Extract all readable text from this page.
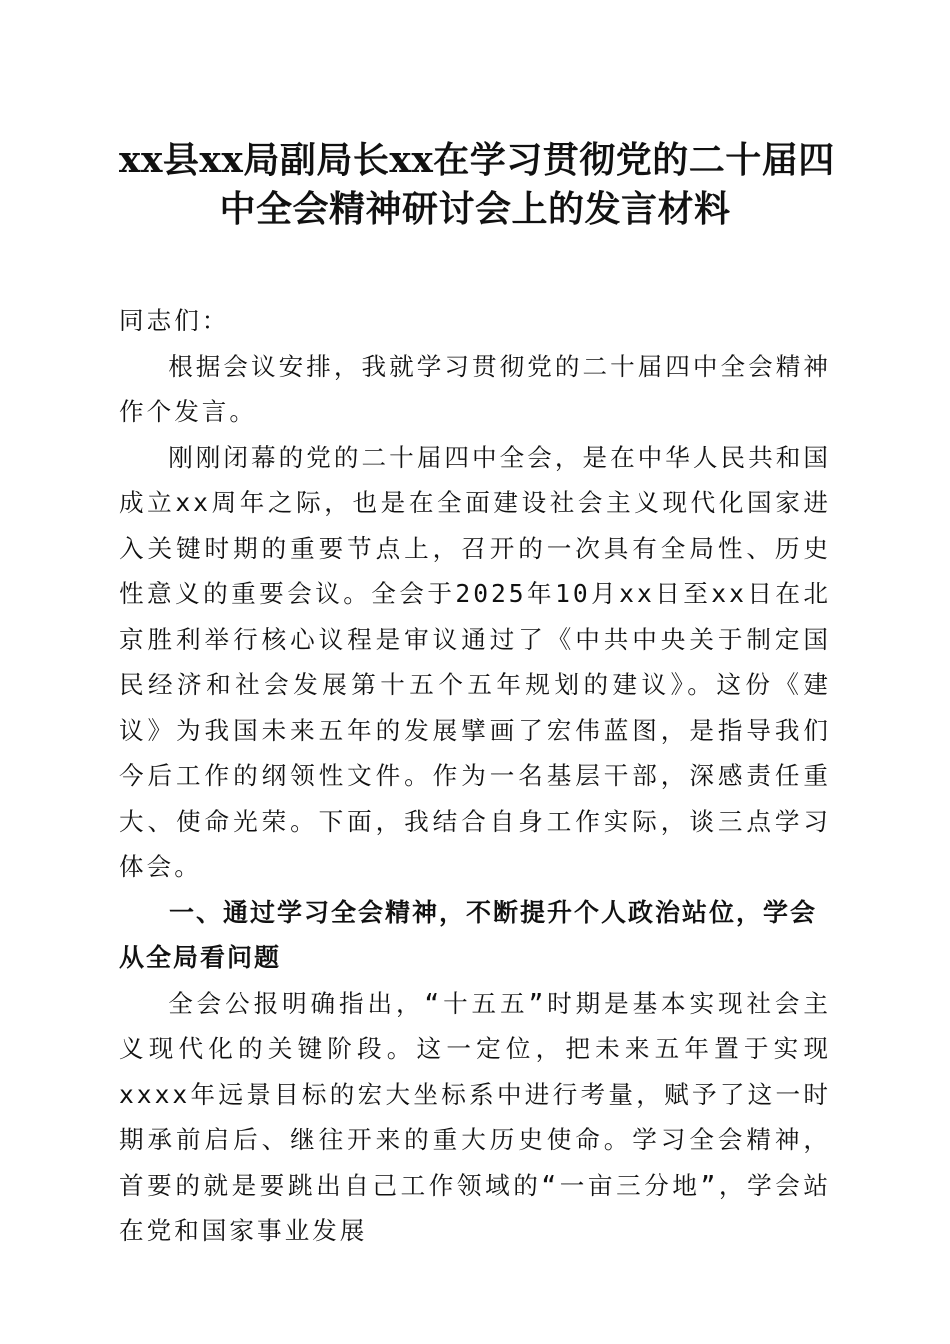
xx县xx局副局长xx在学习贯彻党的二十届四
中全会精神研讨会上的发言材料

同志们：

根据会议安排，我就学习贯彻党的二十届四中全会精神作个发言。

刚刚闭幕的党的二十届四中全会，是在中华人民共和国成立xx周年之际，也是在全面建设社会主义现代化国家进入关键时期的重要节点上，召开的一次具有全局性、历史性意义的重要会议。全会于2025年10月xx日至xx日在北京胜利举行核心议程是审议通过了《中共中央关于制定国民经济和社会发展第十五个五年规划的建议》。这份《建议》为我国未来五年的发展擘画了宏伟蓝图，是指导我们今后工作的纲领性文件。作为一名基层干部，深感责任重大、使命光荣。下面，我结合自身工作实际，谈三点学习体会。

一、通过学习全会精神，不断提升个人政治站位，学会从全局看问题

全会公报明确指出，“十五五”时期是基本实现社会主义现代化的关键阶段。这一定位，把未来五年置于实现xxxx年远景目标的宏大坐标系中进行考量，赋予了这一时期承前启后、继往开来的重大历史使命。学习全会精神，首要的就是要跳出自己工作领域的“一亩三分地”，学会站在党和国家事业发展
